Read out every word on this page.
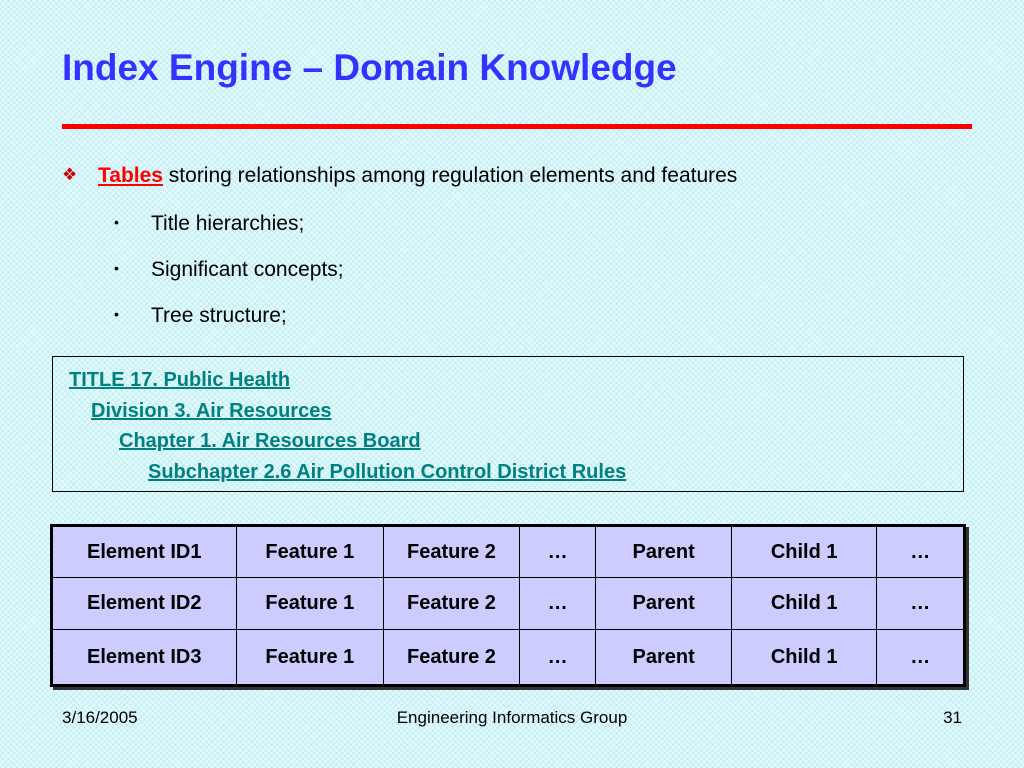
Index Engine – Domain Knowledge
❖ Tables storing relationships among regulation elements and features
• Title hierarchies;
• Significant concepts;
• Tree structure;
TITLE 17. Public Health
Division 3. Air Resources
Chapter 1. Air Resources Board
Subchapter 2.6 Air Pollution Control District Rules
Element ID1	Feature 1	Feature 2	…	Parent	Child 1	…
Element ID2	Feature 1	Feature 2	…	Parent	Child 1	…
Element ID3	Feature 1	Feature 2	…	Parent	Child 1	…
3/16/2005	Engineering Informatics Group	31
